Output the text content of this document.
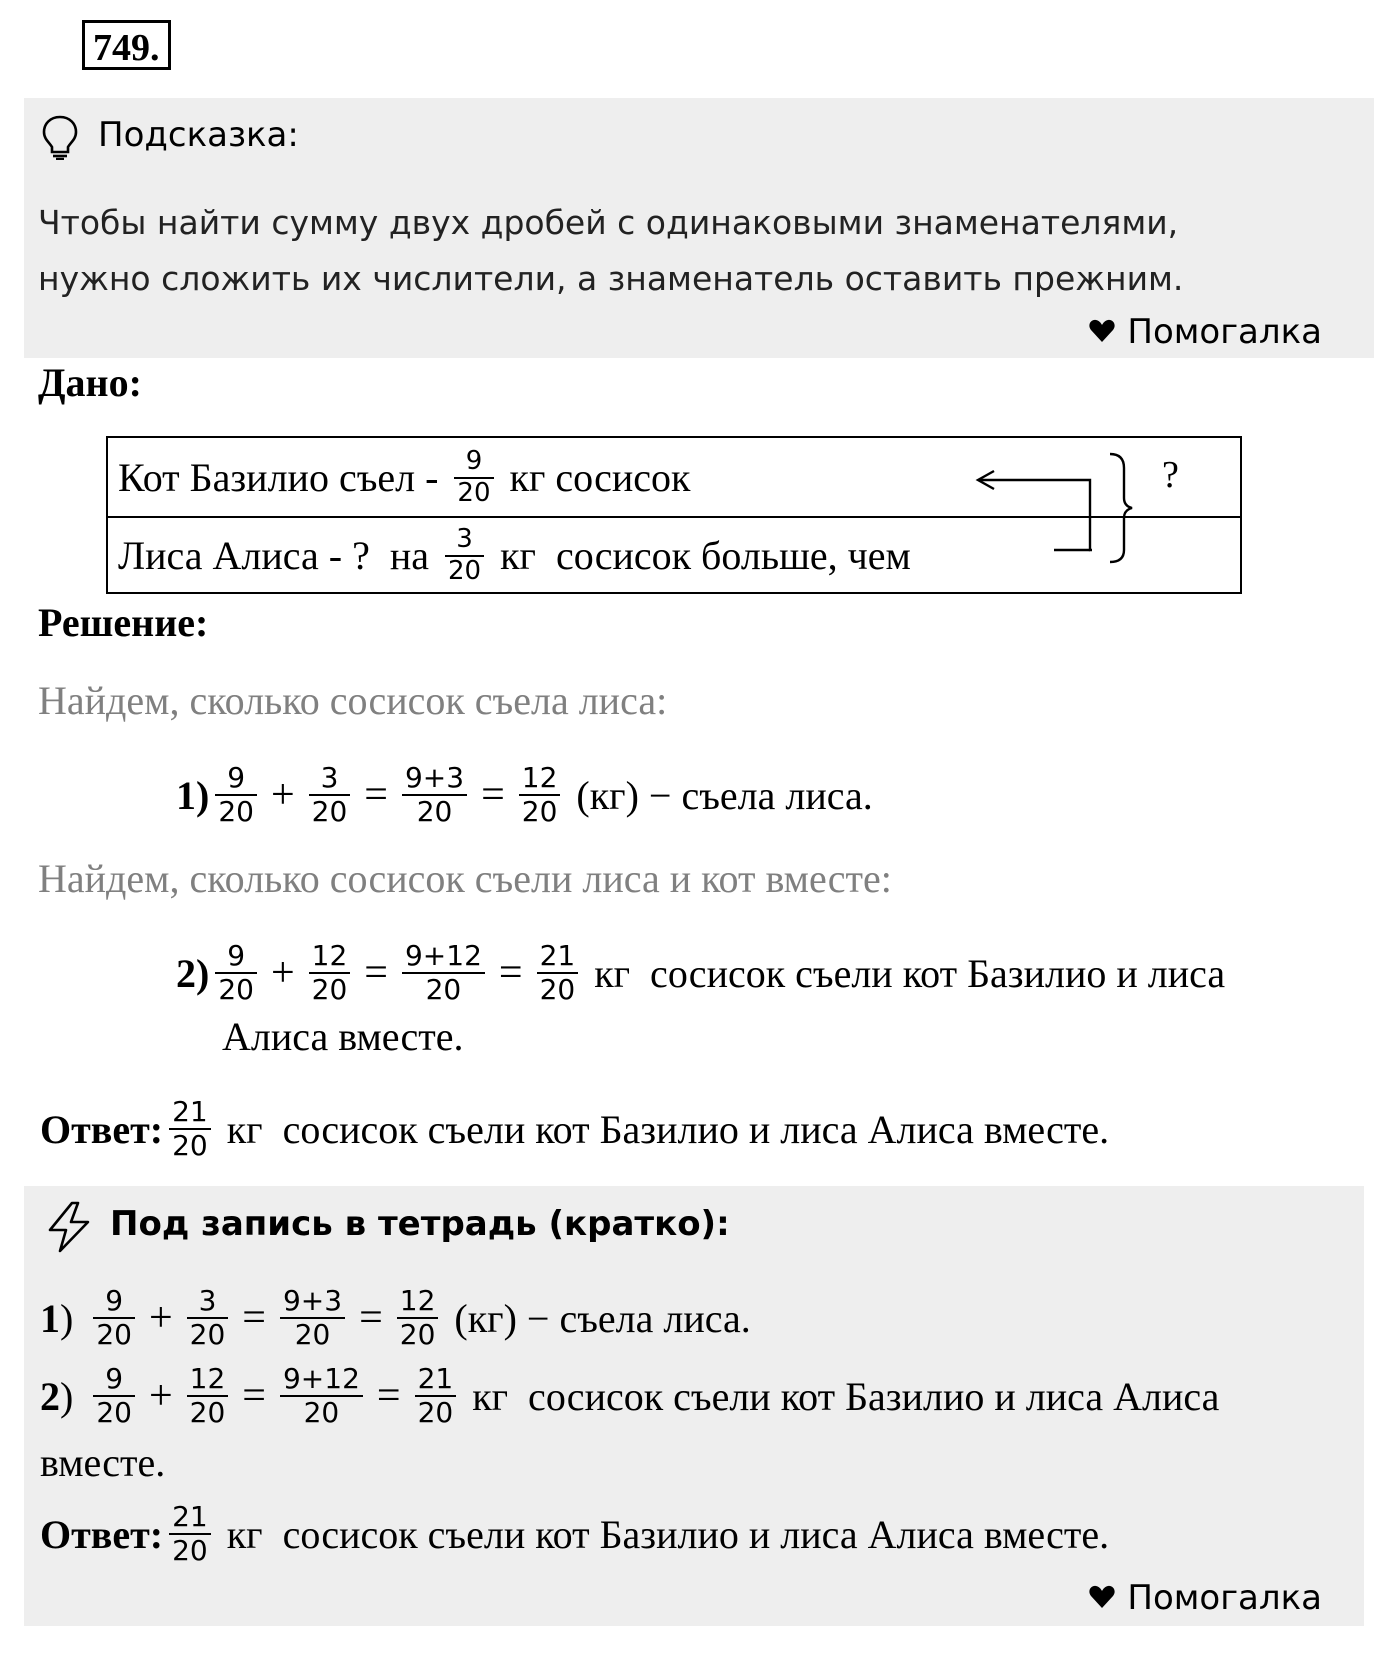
749.
Подсказка:
Чтобы найти сумму двух дробей с одинаковыми знаменателями,
нужно сложить их числители, а знаменатель оставить прежним.
Помогалка
Дано:
Кот Базилио съел - $\frac{9}{20}$ кг сосисок
Лиса Алиса - ?  на $\frac{3}{20}$ кг  сосисок больше, чем
?
Решение:
Найдем, сколько сосисок съела лиса:
$1) \frac{9}{20} + \frac{3}{20} = \frac{9+3}{20} = \frac{12}{20} (кг)$ − съела лиса.
Найдем, сколько сосисок съели лиса и кот вместе:
$2) \frac{9}{20} + \frac{12}{20} = \frac{9+12}{20} = \frac{21}{20}$ кг  сосисок съели кот Базилио и лиса
Алиса вместе.
Ответ: $\frac{21}{20}$ кг  сосисок съели кот Базилио и лиса Алиса вместе.
Под запись в тетрадь (кратко):
1 ) $\frac{9}{20} + \frac{3}{20} = \frac{9+3}{20} = \frac{12}{20} (кг)$ − съела лиса.
2 ) $\frac{9}{20} + \frac{12}{20} = \frac{9+12}{20} = \frac{21}{20}$ кг  сосисок съели кот Базилио и лиса Алиса
вместе.
Ответ: $\frac{21}{20}$ кг  сосисок съели кот Базилио и лиса Алиса вместе.
Помогалка
